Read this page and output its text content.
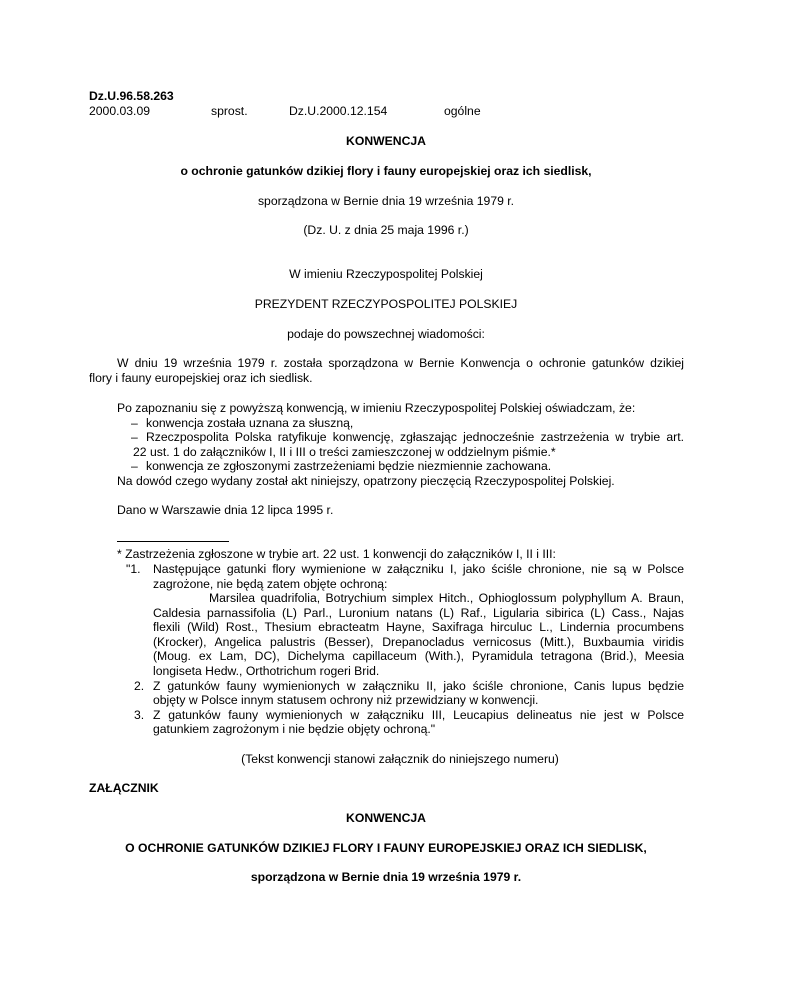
Dz.U.96.58.263
2000.03.09	sprost.	Dz.U.2000.12.154	ogólne
KONWENCJA
o ochronie gatunków dzikiej flory i fauny europejskiej oraz ich siedlisk,
sporządzona w Bernie dnia 19 września 1979 r.
(Dz. U. z dnia 25 maja 1996 r.)
W imieniu Rzeczypospolitej Polskiej
PREZYDENT RZECZYPOSPOLITEJ POLSKIEJ
podaje do powszechnej wiadomości:
W dniu 19 września 1979 r. została sporządzona w Bernie Konwencja o ochronie gatunków dzikiej
flory i fauny europejskiej oraz ich siedlisk.
Po zapoznaniu się z powyższą konwencją, w imieniu Rzeczypospolitej Polskiej oświadczam, że:
– konwencja została uznana za słuszną,
– Rzeczpospolita Polska ratyfikuje konwencję, zgłaszając jednocześnie zastrzeżenia w trybie art.
22 ust. 1 do załączników I, II i III o treści zamieszczonej w oddzielnym piśmie.*
– konwencja ze zgłoszonymi zastrzeżeniami będzie niezmiennie zachowana.
Na dowód czego wydany został akt niniejszy, opatrzony pieczęcią Rzeczypospolitej Polskiej.
Dano w Warszawie dnia 12 lipca 1995 r.
* Zastrzeżenia zgłoszone w trybie art. 22 ust. 1 konwencji do załączników I, II i III:
"1. Następujące gatunki flory wymienione w załączniku I, jako ściśle chronione, nie są w Polsce
zagrożone, nie będą zatem objęte ochroną:
Marsilea quadrifolia, Botrychium simplex Hitch., Ophioglossum polyphyllum A. Braun,
Caldesia parnassifolia (L) Parl., Luronium natans (L) Raf., Ligularia sibirica (L) Cass., Najas
flexili (Wild) Rost., Thesium ebracteatm Hayne, Saxifraga hirculuc L., Lindernia procumbens
(Krocker), Angelica palustris (Besser), Drepanocladus vernicosus (Mitt.), Buxbaumia viridis
(Moug. ex Lam, DC), Dichelyma capillaceum (With.), Pyramidula tetragona (Brid.), Meesia
longiseta Hedw., Orthotrichum rogeri Brid.
2. Z gatunków fauny wymienionych w załączniku II, jako ściśle chronione, Canis lupus będzie
objęty w Polsce innym statusem ochrony niż przewidziany w konwencji.
3. Z gatunków fauny wymienionych w załączniku III, Leucapius delineatus nie jest w Polsce
gatunkiem zagrożonym i nie będzie objęty ochroną."
(Tekst konwencji stanowi załącznik do niniejszego numeru)
ZAŁĄCZNIK
KONWENCJA
O OCHRONIE GATUNKÓW DZIKIEJ FLORY I FAUNY EUROPEJSKIEJ ORAZ ICH SIEDLISK,
sporządzona w Bernie dnia 19 września 1979 r.
